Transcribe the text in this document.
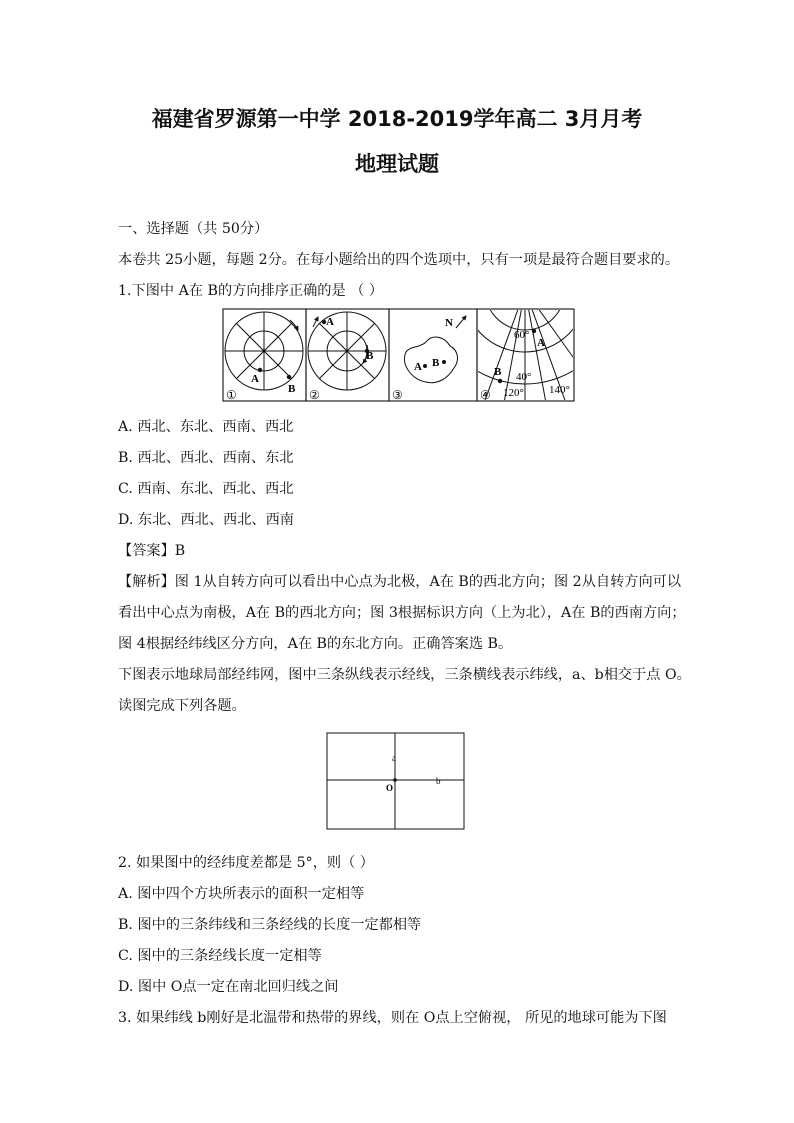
福建省罗源第一中学 2018-2019学年高二 3月月考
地理试题
一、选择题（共 50分）
本卷共 25小题，每题 2分。在每小题给出的四个选项中，只有一项是最符合题目要求的。
1.下图中 A在 B的方向排序正确的是 （ ）
A
B
①
A
B
②
A B
N
③
A
B
60°
40°
120° 140°
④
A. 西北、东北、西南、西北
B. 西北、西北、西南、东北
C. 西南、东北、西北、西北
D. 东北、西北、西北、西南
【答案】B
【解析】图 1从自转方向可以看出中心点为北极，A在 B的西北方向；图 2从自转方向可以
看出中心点为南极，A在 B的西北方向；图 3根据标识方向（上为北），A在 B的西南方向；
图 4根据经纬线区分方向，A在 B的东北方向。正确答案选 B。
下图表示地球局部经纬网，图中三条纵线表示经线，三条横线表示纬线，a、b相交于点 O。
读图完成下列各题。
a
b
O
2. 如果图中的经纬度差都是 5°，则（ ）
A. 图中四个方块所表示的面积一定相等
B. 图中的三条纬线和三条经线的长度一定都相等
C. 图中的三条经线长度一定相等
D. 图中 O点一定在南北回归线之间
3. 如果纬线 b刚好是北温带和热带的界线，则在 O点上空俯视， 所见的地球可能为下图
